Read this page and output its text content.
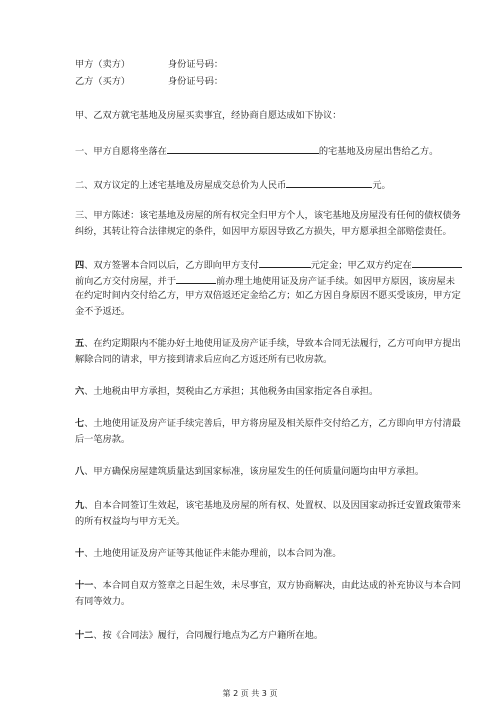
甲方（卖方）	身份证号码：
乙方（买方）	身份证号码：
甲、乙双方就宅基地及房屋买卖事宜，经协商自愿达成如下协议：
一、甲方自愿将坐落在	的宅基地及房屋出售给乙方。
二、双方议定的上述宅基地及房屋成交总价为人民币	元。
三、甲方陈述：该宅基地及房屋的所有权完全归甲方个人，该宅基地及房屋没有任何的债权债务
纠纷，其转让符合法律规定的条件，如因甲方原因导致乙方损失，甲方愿承担全部赔偿责任。
四、双方签署本合同以后，乙方即向甲方支付	元定金；甲乙双方约定在
前向乙方交付房屋，并于	前办理土地使用证及房产证手续。如因甲方原因，该房屋未
在约定时间内交付给乙方，甲方双倍返还定金给乙方；如乙方因自身原因不愿买受该房，甲方定
金不予返还。
五、在约定期限内不能办好土地使用证及房产证手续，导致本合同无法履行，乙方可向甲方提出
解除合同的请求，甲方接到请求后应向乙方返还所有已收房款。
六、土地税由甲方承担，契税由乙方承担；其他税务由国家指定各自承担。
七、土地使用证及房产证手续完善后，甲方将房屋及相关原件交付给乙方，乙方即向甲方付清最
后一笔房款。
八、甲方确保房屋建筑质量达到国家标准，该房屋发生的任何质量问题均由甲方承担。
九、自本合同签订生效起，该宅基地及房屋的所有权、处置权、以及因国家动拆迁安置政策带来
的所有权益均与甲方无关。
十、土地使用证及房产证等其他证件未能办理前，以本合同为准。
十一、本合同自双方签章之日起生效，未尽事宜，双方协商解决，由此达成的补充协议与本合同
有同等效力。
十二、按《合同法》履行，合同履行地点为乙方户籍所在地。
第 2 页 共 3 页
